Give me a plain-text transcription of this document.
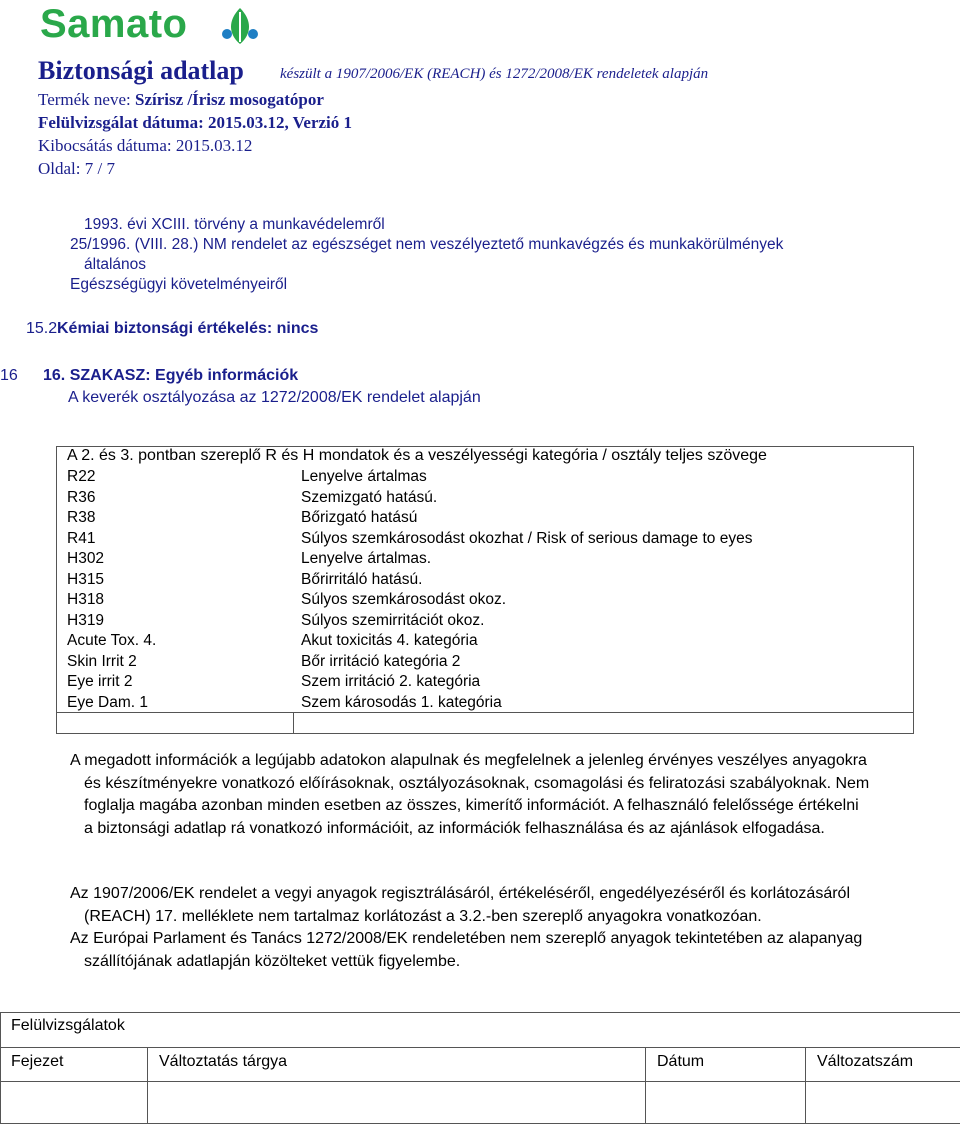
Samato
Biztonsági adatlap készült a 1907/2006/EK (REACH) és 1272/2008/EK rendeletek alapján
Termék neve: Szírisz /Írisz mosogatópor
Felülvizsgálat dátuma: 2015.03.12, Verzió 1
Kibocsátás dátuma: 2015.03.12
Oldal: 7 / 7
1993. évi XCIII. törvény a munkavédelemről
25/1996. (VIII. 28.) NM rendelet az egészséget nem veszélyeztető munkavégzés és munkakörülmények
általános
Egészségügyi követelményeiről
15.2 Kémiai biztonsági értékelés: nincs
16 16. SZAKASZ: Egyéb információk
A keverék osztályozása az 1272/2008/EK rendelet alapján
A 2. és 3. pontban szereplő R és H mondatok és a veszélyességi kategória / osztály teljes szövege
R22	Lenyelve ártalmas
R36	Szemizgató hatású.
R38	Bőrizgató hatású
R41	Súlyos szemkárosodást okozhat / Risk of serious damage to eyes
H302	Lenyelve ártalmas.
H315	Bőrirritáló hatású.
H318	Súlyos szemkárosodást okoz.
H319	Súlyos szemirritációt okoz.
Acute Tox. 4.	Akut toxicitás 4. kategória
Skin Irrit 2	Bőr irritáció kategória 2
Eye irrit 2	Szem irritáció 2. kategória
Eye Dam. 1	Szem károsodás 1. kategória
A megadott információk a legújabb adatokon alapulnak és megfelelnek a jelenleg érvényes veszélyes anyagokra
és készítményekre vonatkozó előírásoknak, osztályozásoknak, csomagolási és feliratozási szabályoknak. Nem
foglalja magába azonban minden esetben az összes, kimerítő információt. A felhasználó felelőssége értékelni
a biztonsági adatlap rá vonatkozó információit, az információk felhasználása és az ajánlások elfogadása.
Az 1907/2006/EK rendelet a vegyi anyagok regisztrálásáról, értékeléséről, engedélyezéséről és korlátozásáról
(REACH) 17. melléklete nem tartalmaz korlátozást a 3.2.-ben szereplő anyagokra vonatkozóan.
Az Európai Parlament és Tanács 1272/2008/EK rendeletében nem szereplő anyagok tekintetében az alapanyag
szállítójának adatlapján közölteket vettük figyelembe.
Felülvizsgálatok
Fejezet	Változtatás tárgya	Dátum	Változatszám
